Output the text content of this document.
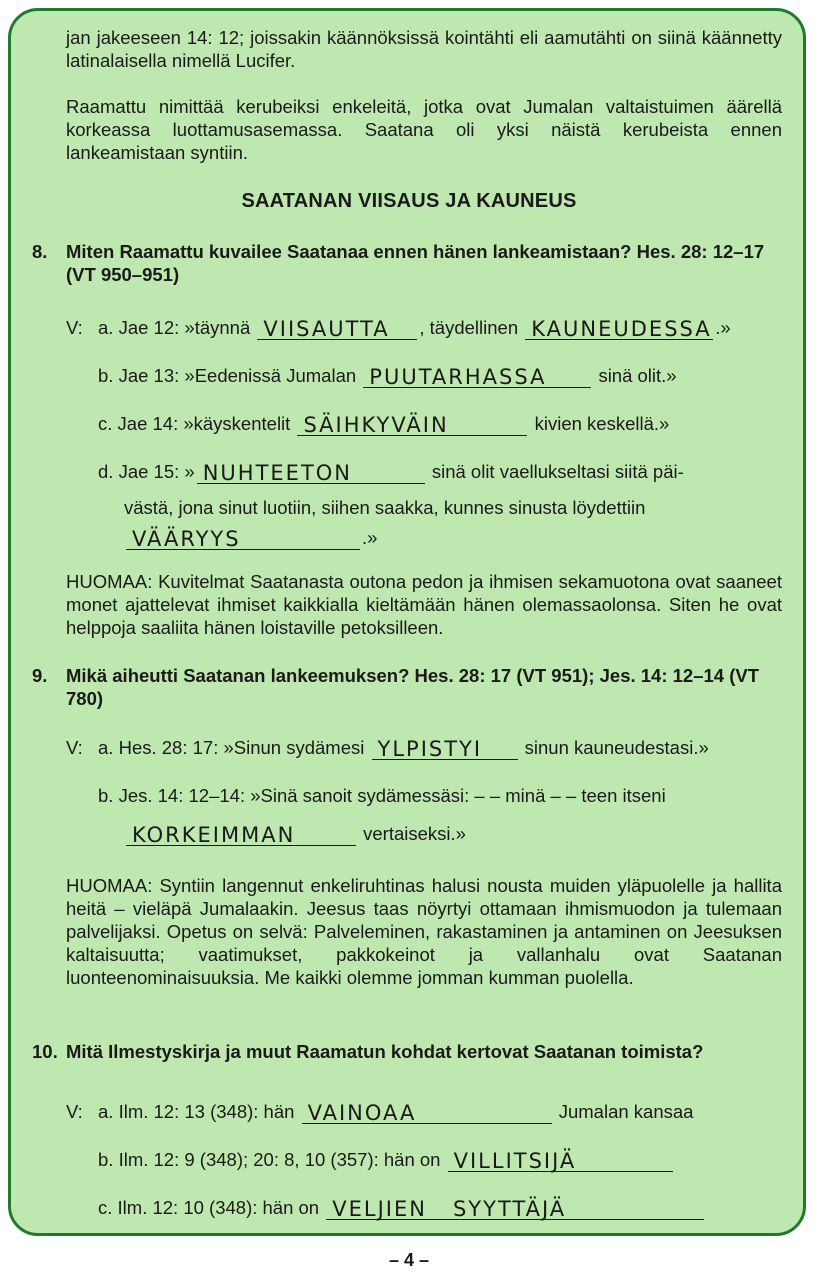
jan jakeeseen 14: 12; joissakin käännöksissä kointähti eli aamutähti on siinä käännetty latinalaisella nimellä Lucifer.

Raamattu nimittää kerubeiksi enkeleitä, jotka ovat Jumalan valtaistuimen äärellä korkeassa luottamusasemassa. Saatana oli yksi näistä kerubeista ennen lankeamistaan syntiin.

SAATANAN VIISAUS JA KAUNEUS
8. Miten Raamattu kuvailee Saatanaa ennen hänen lankeamistaan? Hes. 28: 12–17 (VT 950–951)

V: a. Jae 12: »täynnä VIISAUTTA , täydellinen KAUNEUDESSA .»
b. Jae 13: »Eedenissä Jumalan PUUTARHASSA	sinä olit.»
c. Jae 14: »käyskentelit SÄIHKYVÄIN	kivien keskellä.»
d. Jae 15: » NUHTEETON	sinä olit vaellukseltasi siitä päi-
västä, jona sinut luotiin, siihen saakka, kunnes sinusta löydettiin
VÄÄRYYS	.»

HUOMAA: Kuvitelmat Saatanasta outona pedon ja ihmisen sekamuotona ovat saaneet monet ajattelevat ihmiset kaikkialla kieltämään hänen olemassaolonsa. Siten he ovat helppoja saaliita hänen loistaville petoksilleen.

9. Mikä aiheutti Saatanan lankeemuksen? Hes. 28: 17 (VT 951); Jes. 14: 12–14 (VT 780)

V: a. Hes. 28: 17: »Sinun sydämesi YLPISTYI sinun kauneudestasi.»
b. Jes. 14: 12–14: »Sinä sanoit sydämessäsi: – – minä – – teen itseni
KORKEIMMAN	vertaiseksi.»

HUOMAA: Syntiin langennut enkeliruhtinas halusi nousta muiden yläpuolelle ja hallita heitä – vieläpä Jumalaakin. Jeesus taas nöyrtyi ottamaan ihmismuodon ja tulemaan palvelijaksi. Opetus on selvä: Palveleminen, rakastaminen ja antaminen on Jeesuksen kaltaisuutta; vaatimukset, pakkokeinot ja vallanhalu ovat Saatanan luonteenominaisuuksia. Me kaikki olemme jomman kumman puolella.

10. Mitä Ilmestyskirja ja muut Raamatun kohdat kertovat Saatanan toimista?

V: a. Ilm. 12: 13 (348): hän VAINOAA	Jumalan kansaa
b. Ilm. 12: 9 (348); 20: 8, 10 (357): hän on VILLITSIJÄ
c. Ilm. 12: 10 (348): hän on VELJIEN   SYYTTÄJÄ
– 4 –
